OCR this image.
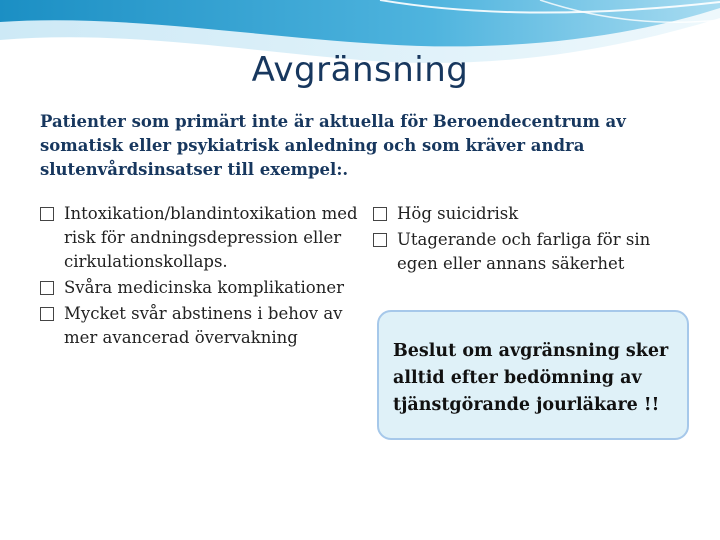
Avgränsning
Patienter som primärt inte är aktuella för Beroendecentrum av somatisk eller psykiatrisk anledning och som kräver andra slutenvårdsinsatser till exempel:.
Intoxikation/blandintoxikation med risk för andningsdepression eller cirkulationskollaps.
Svåra medicinska komplikationer
Mycket svår abstinens i behov av mer avancerad övervakning
Hög suicidrisk
Utagerande och farliga för sin egen eller annans säkerhet
Beslut om avgränsning sker alltid efter bedömning av tjänstgörande jourläkare !!
